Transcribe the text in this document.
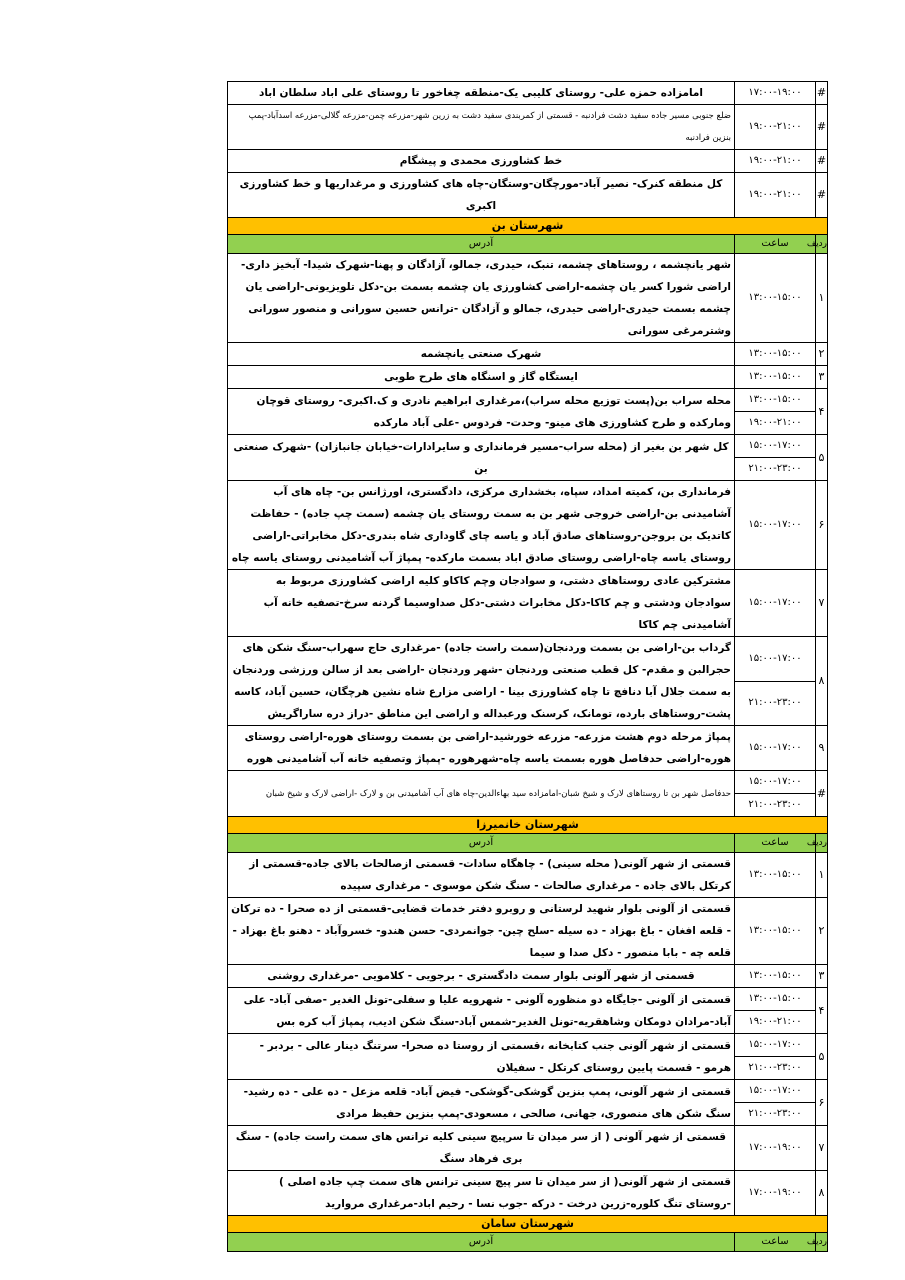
#	۱۷:۰۰-۱۹:۰۰	امامزاده حمزه علی- روستای کلیبی یک-منطقه چغاخور تا روستای علی اباد سلطان اباد
#	۱۹:۰۰-۲۱:۰۰	ضلع جنوبی مسیر جاده سفید دشت فرادنبه - قسمتی از کمربندی سفید دشت به زرین شهر-مزرعه چمن-مزرعه گلالی-مزرعه اسدآباد-پمپ بنزین فرادنبه
#	۱۹:۰۰-۲۱:۰۰	خط کشاورزی محمدی و پیشگام
#	۱۹:۰۰-۲۱:۰۰	کل منطقه کنرک- نصیر آباد-مورچگان-وستگان-چاه های کشاورزی و مرغداریها و خط کشاورزی اکبری
شهرستان بن		
ردیف	ساعت	آدرس
۱	۱۳:۰۰-۱۵:۰۰	شهر یانچشمه ، روستاهای چشمه، تنبک، حیدری، جمالو، آزادگان و پهنا-شهرک شیدا- آبخیز داری-اراضی شورا کسر یان چشمه-اراضی کشاورزی یان چشمه بسمت بن-دکل تلویزیونی-اراضی یان چشمه بسمت حیدری-اراضی حیدری، جمالو و آزادگان -ترانس حسین سورانی و منصور سورانی وشترمرغی سورانی
۲	۱۳:۰۰-۱۵:۰۰	شهرک صنعتی یانچشمه
۳	۱۳:۰۰-۱۵:۰۰	ایستگاه گاز و اسنگاه های طرح طوبی
۴	۱۳:۰۰-۱۵:۰۰	محله سراب بن(پست توزیع محله سراب)،مرغداری ابراهیم نادری و ک.اکبری- روستای قوچان ومارکده و طرح کشاورزی های مینو- وحدت- فردوس -علی آباد مارکده
	۱۹:۰۰-۲۱:۰۰	
۵	۱۵:۰۰-۱۷:۰۰	کل شهر بن بغیر از (محله سراب-مسیر فرمانداری و سایرادارات-خیابان جانبازان) -شهرک صنعتی بن
	۲۱:۰۰-۲۳:۰۰	
۶	۱۵:۰۰-۱۷:۰۰	فرمانداری بن، کمیته امداد، سپاه، بخشداری مرکزی، دادگستری، اورژانس بن- چاه های آب آشامیدنی بن-اراضی خروجی شهر بن به سمت روستای یان چشمه (سمت چپ جاده) - حفاظت کاتدیک بن بروجن-روستاهای صادق آباد و یاسه چای گاوداری شاه بندری-دکل مخابراتی-اراضی روستای یاسه چاه-اراضی روستای صادق اباد بسمت مارکده- پمپاژ آب آشامیدنی روستای یاسه چاه
۷	۱۵:۰۰-۱۷:۰۰	مشترکین عادی روستاهای دشتی، و سوادجان وچم کاکاو کلیه اراضی کشاورزی مربوط به سوادجان ودشتی و چم کاکا-دکل مخابرات دشتی-دکل صداوسیما گردنه سرخ-تصفیه خانه آب آشامیدنی چم کاکا
۸	۱۵:۰۰-۱۷:۰۰	گرداب بن-اراضی بن بسمت وردنجان(سمت راست جاده) -مرغداری حاج سهراب-سنگ شکن های حجرالبن و مقدم- کل قطب صنعتی وردنجان -شهر وردنجان -اراضی بعد از سالن ورزشی وردنجان به سمت جلال آبا دنافچ تا چاه کشاورزی بینا - اراضی مزارع شاه نشین هرچگان، حسین آباد، کاسه پشت-روستاهای بارده، تومانک، کرسنک ورعبداله و اراضی این مناطق -دراز دره ساراگریش
	۲۱:۰۰-۲۳:۰۰	
۹	۱۵:۰۰-۱۷:۰۰	پمپاژ مرحله دوم هشت مزرعه- مزرعه خورشید-اراضی بن بسمت روستای هوره-اراضی روستای هوره-اراضی حدفاصل هوره بسمت یاسه چاه-شهرهوره -پمپاژ وتصفیه خانه آب آشامیدنی هوره
#	۱۵:۰۰-۱۷:۰۰	حدفاصل شهر بن تا روستاهای لارک و شیخ شبان-امامزاده سید بهاءالدین-چاه های آب آشامیدنی بن و لارک -اراضی لارک و شیخ شبان
	۲۱:۰۰-۲۳:۰۰	
شهرستان خانمیرزا		
ردیف	ساعت	آدرس
۱	۱۳:۰۰-۱۵:۰۰	قسمتی از شهر آلونی( محله سینی) - چاهگاه سادات- قسمتی ازصالحات بالای جاده-قسمتی از کرتکل بالای جاده - مرغداری صالحات - سنگ شکن موسوی - مرغداری سپیده
۲	۱۳:۰۰-۱۵:۰۰	قسمتی از آلونی بلوار شهید لرستانی و روبرو دفتر خدمات قضایی-قسمتی از ده صحرا - ده ترکان - قلعه افغان - باغ بهزاد - ده سیله -سلح چین- جوانمردی- حسن هندو- خسروآباد - دهنو باغ بهزاد - قلعه چه - بابا منصور - دکل صدا و سیما
۳	۱۳:۰۰-۱۵:۰۰	قسمتی از شهر آلونی بلوار سمت دادگستری - برجویی - کلامویی -مرغداری روشنی
۴	۱۳:۰۰-۱۵:۰۰	قسمتی از آلونی -جایگاه دو منظوره آلونی - شهرویه علیا و سفلی-تونل الغدیر -صفی آباد- علی آباد-مرادان دومکان وشاهقریه-تونل الغدیر-شمس آباد-سنگ شکن ادیب، پمپاژ آب کره بس
	۱۹:۰۰-۲۱:۰۰	
۵	۱۵:۰۰-۱۷:۰۰	قسمتی از شهر آلونی جنب کتابخانه ،قسمتی از روستا ده صحرا- سرتنگ دینار عالی - بردبر - هرمو - قسمت پایین روستای کرتکل - سفیلان
	۲۱:۰۰-۲۳:۰۰	
۶	۱۵:۰۰-۱۷:۰۰	قسمتی از شهر آلونی، پمپ بنزین گوشکی-گوشکی- فیض آباد- قلعه مزعل - ده علی - ده رشید- سنگ شکن های منصوری، جهانی، صالحی ، مسعودی-پمپ بنزین حفیظ مرادی
	۲۱:۰۰-۲۳:۰۰	
۷	۱۷:۰۰-۱۹:۰۰	قسمتی از شهر آلونی ( از سر میدان تا سرپیچ سینی کلیه ترانس های سمت راست جاده) - سنگ بری فرهاد سنگ
۸	۱۷:۰۰-۱۹:۰۰	قسمتی از شهر آلونی( از سر میدان تا سر پیچ سینی ترانس های سمت چپ جاده اصلی ) -روستای تنگ کلوره-زرین درخت - درکه -جوب نسا - رحیم اباد-مرغداری مروارید
شهرستان سامان		
ردیف	ساعت	آدرس
